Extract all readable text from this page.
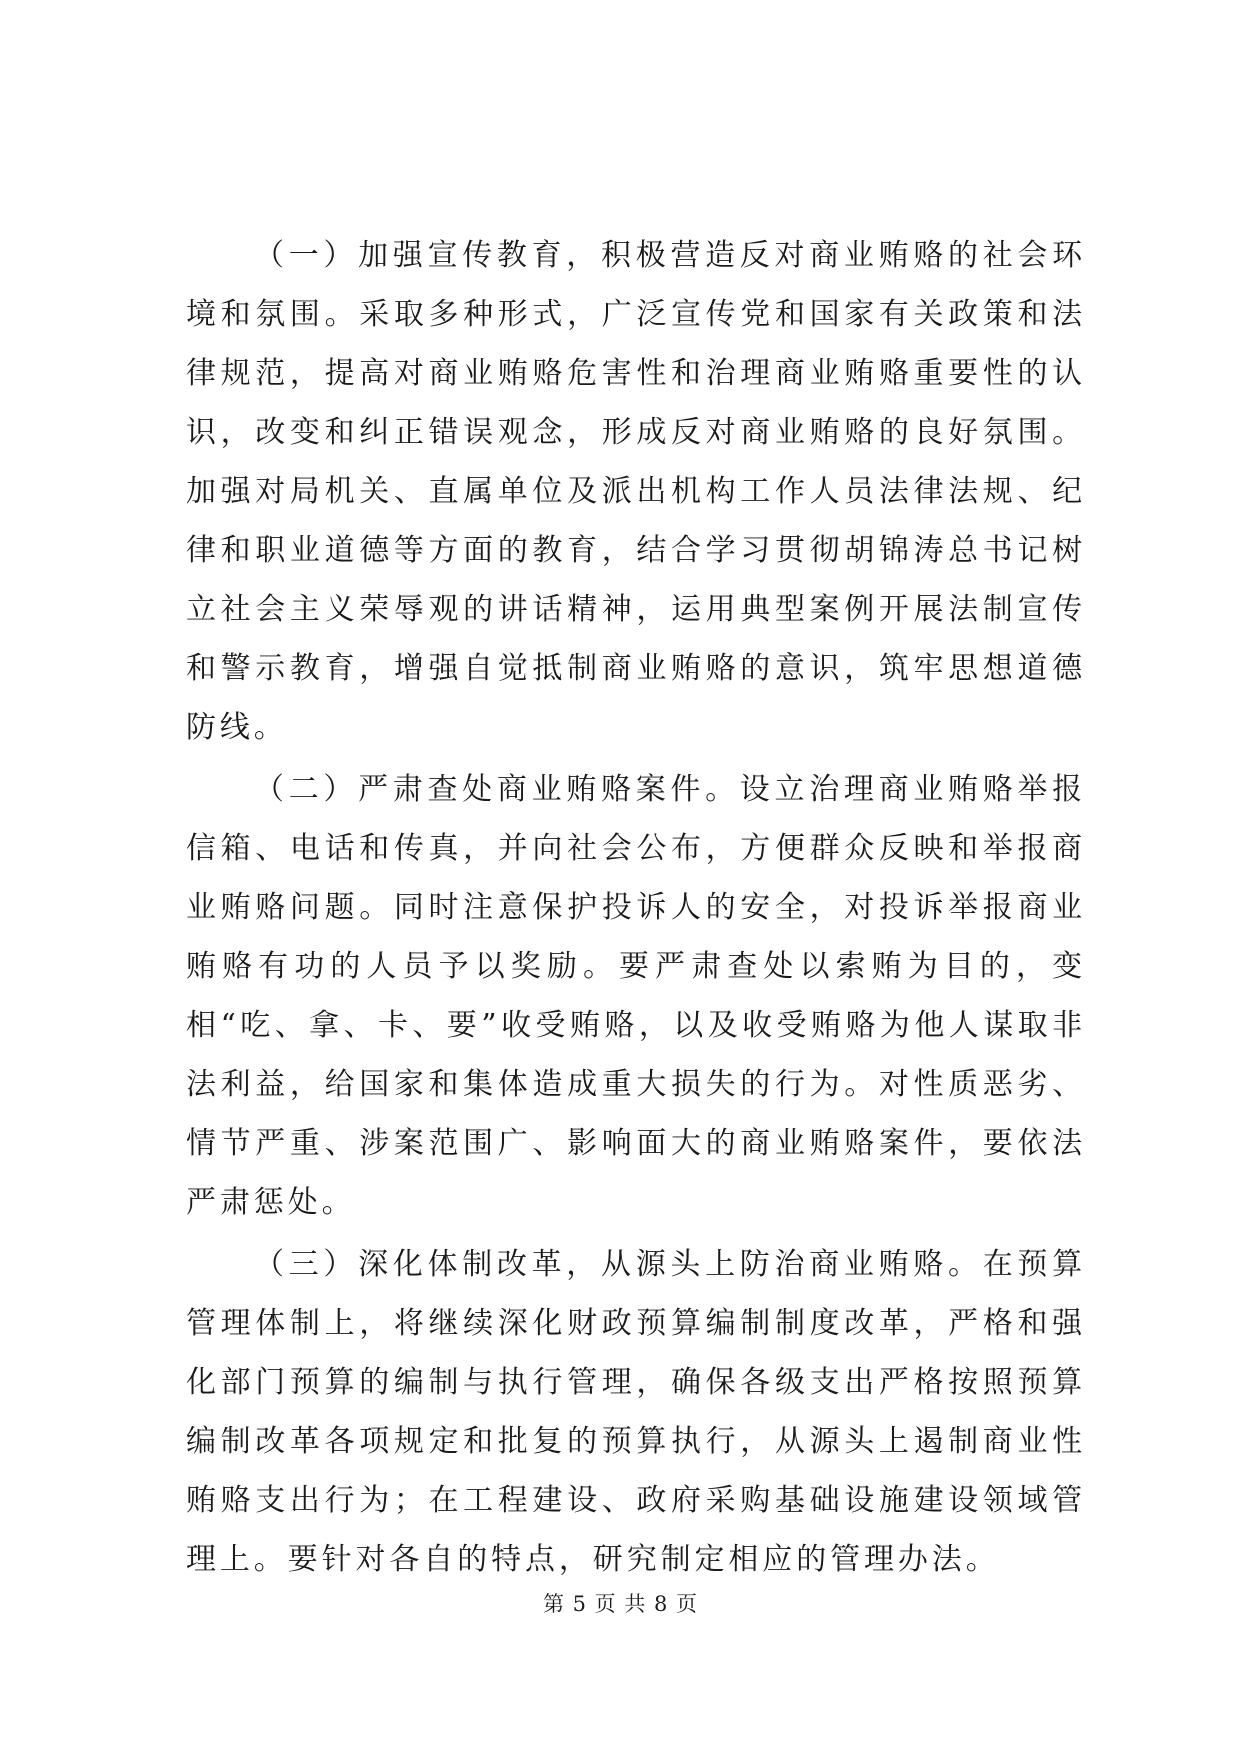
（一）加强宣传教育，积极营造反对商业贿赂的社会环境和氛围。采取多种形式，广泛宣传党和国家有关政策和法律规范，提高对商业贿赂危害性和治理商业贿赂重要性的认识，改变和纠正错误观念，形成反对商业贿赂的良好氛围。加强对局机关、直属单位及派出机构工作人员法律法规、纪律和职业道德等方面的教育，结合学习贯彻胡锦涛总书记树立社会主义荣辱观的讲话精神，运用典型案例开展法制宣传和警示教育，增强自觉抵制商业贿赂的意识，筑牢思想道德防线。

（二）严肃查处商业贿赂案件。设立治理商业贿赂举报信箱、电话和传真，并向社会公布，方便群众反映和举报商业贿赂问题。同时注意保护投诉人的安全，对投诉举报商业贿赂有功的人员予以奖励。要严肃查处以索贿为目的，变相“吃、拿、卡、要”收受贿赂，以及收受贿赂为他人谋取非法利益，给国家和集体造成重大损失的行为。对性质恶劣、情节严重、涉案范围广、影响面大的商业贿赂案件，要依法严肃惩处。

（三）深化体制改革，从源头上防治商业贿赂。在预算管理体制上，将继续深化财政预算编制制度改革，严格和强化部门预算的编制与执行管理，确保各级支出严格按照预算编制改革各项规定和批复的预算执行，从源头上遏制商业性贿赂支出行为；在工程建设、政府采购基础设施建设领域管理上。要针对各自的特点，研究制定相应的管理办法。

第 5 页 共 8 页
